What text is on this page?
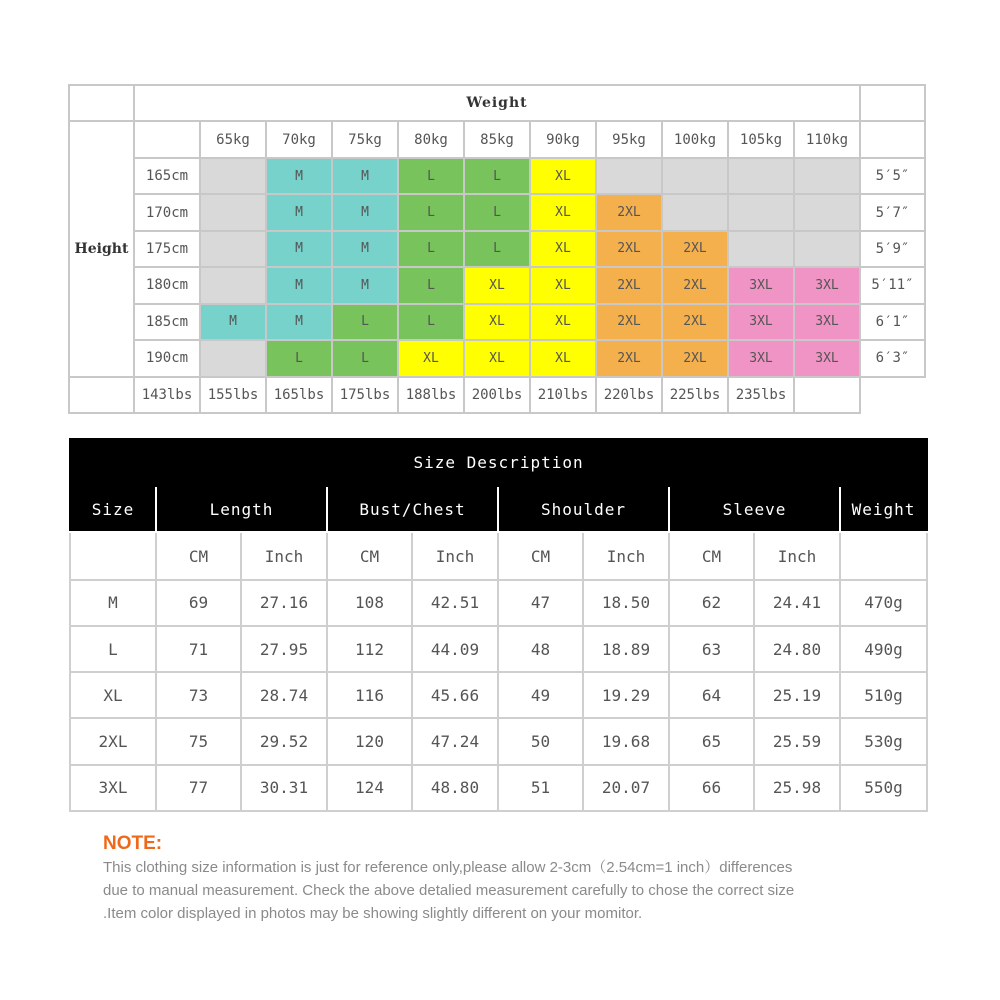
	Weight											
Height		65kg	70kg	75kg	80kg	85kg	90kg	95kg	100kg	105kg	110kg	
	165cm		M	M	L	L	XL					5′5″
	170cm		M	M	L	L	XL	2XL				5′7″
	175cm		M	M	L	L	XL	2XL	2XL			5′9″
	180cm		M	M	L	XL	XL	2XL	2XL	3XL	3XL	5′11″
	185cm	M	M	L	L	XL	XL	2XL	2XL	3XL	3XL	6′1″
	190cm		L	L	XL	XL	XL	2XL	2XL	3XL	3XL	6′3″
	143lbs	155lbs	165lbs	175lbs	188lbs	200lbs	210lbs	220lbs	225lbs	235lbs		
Size Description									
Size	Length		Bust/Chest		Shoulder		Sleeve		Weight
	CM	Inch	CM	Inch	CM	Inch	CM	Inch	
M	69	27.16	108	42.51	47	18.50	62	24.41	470g
L	71	27.95	112	44.09	48	18.89	63	24.80	490g
XL	73	28.74	116	45.66	49	19.29	64	25.19	510g
2XL	75	29.52	120	47.24	50	19.68	65	25.59	530g
3XL	77	30.31	124	48.80	51	20.07	66	25.98	550g
NOTE:
This clothing size information is just for reference only,please allow 2-3cm（2.54cm=1 inch）differences
due to manual measurement. Check the above detalied measurement carefully to chose the correct size
.Item color displayed in photos may be showing slightly different on your momitor.
